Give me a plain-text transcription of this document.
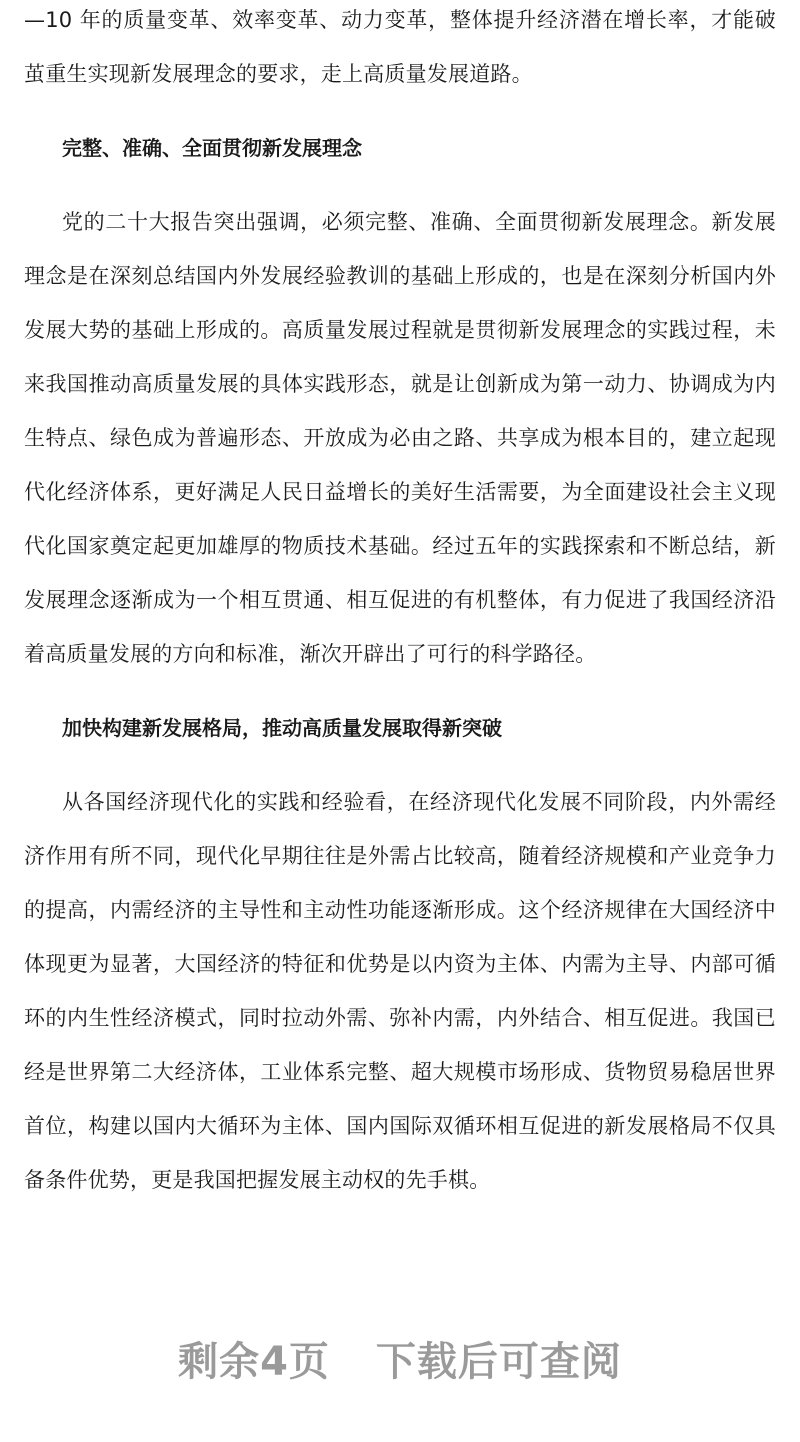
—10 年的质量变革、效率变革、动力变革，整体提升经济潜在增长率，才能破茧重生实现新发展理念的要求，走上高质量发展道路。

完整、准确、全面贯彻新发展理念

党的二十大报告突出强调，必须完整、准确、全面贯彻新发展理念。新发展理念是在深刻总结国内外发展经验教训的基础上形成的，也是在深刻分析国内外发展大势的基础上形成的。高质量发展过程就是贯彻新发展理念的实践过程，未来我国推动高质量发展的具体实践形态，就是让创新成为第一动力、协调成为内生特点、绿色成为普遍形态、开放成为必由之路、共享成为根本目的，建立起现代化经济体系，更好满足人民日益增长的美好生活需要，为全面建设社会主义现代化国家奠定起更加雄厚的物质技术基础。经过五年的实践探索和不断总结，新发展理念逐渐成为一个相互贯通、相互促进的有机整体，有力促进了我国经济沿着高质量发展的方向和标准，渐次开辟出了可行的科学路径。

加快构建新发展格局，推动高质量发展取得新突破

从各国经济现代化的实践和经验看，在经济现代化发展不同阶段，内外需经济作用有所不同，现代化早期往往是外需占比较高，随着经济规模和产业竞争力的提高，内需经济的主导性和主动性功能逐渐形成。这个经济规律在大国经济中体现更为显著，大国经济的特征和优势是以内资为主体、内需为主导、内部可循环的内生性经济模式，同时拉动外需、弥补内需，内外结合、相互促进。我国已经是世界第二大经济体，工业体系完整、超大规模市场形成、货物贸易稳居世界首位，构建以国内大循环为主体、国内国际双循环相互促进的新发展格局不仅具备条件优势，更是我国把握发展主动权的先手棋。

剩余4页 下载后可查阅
